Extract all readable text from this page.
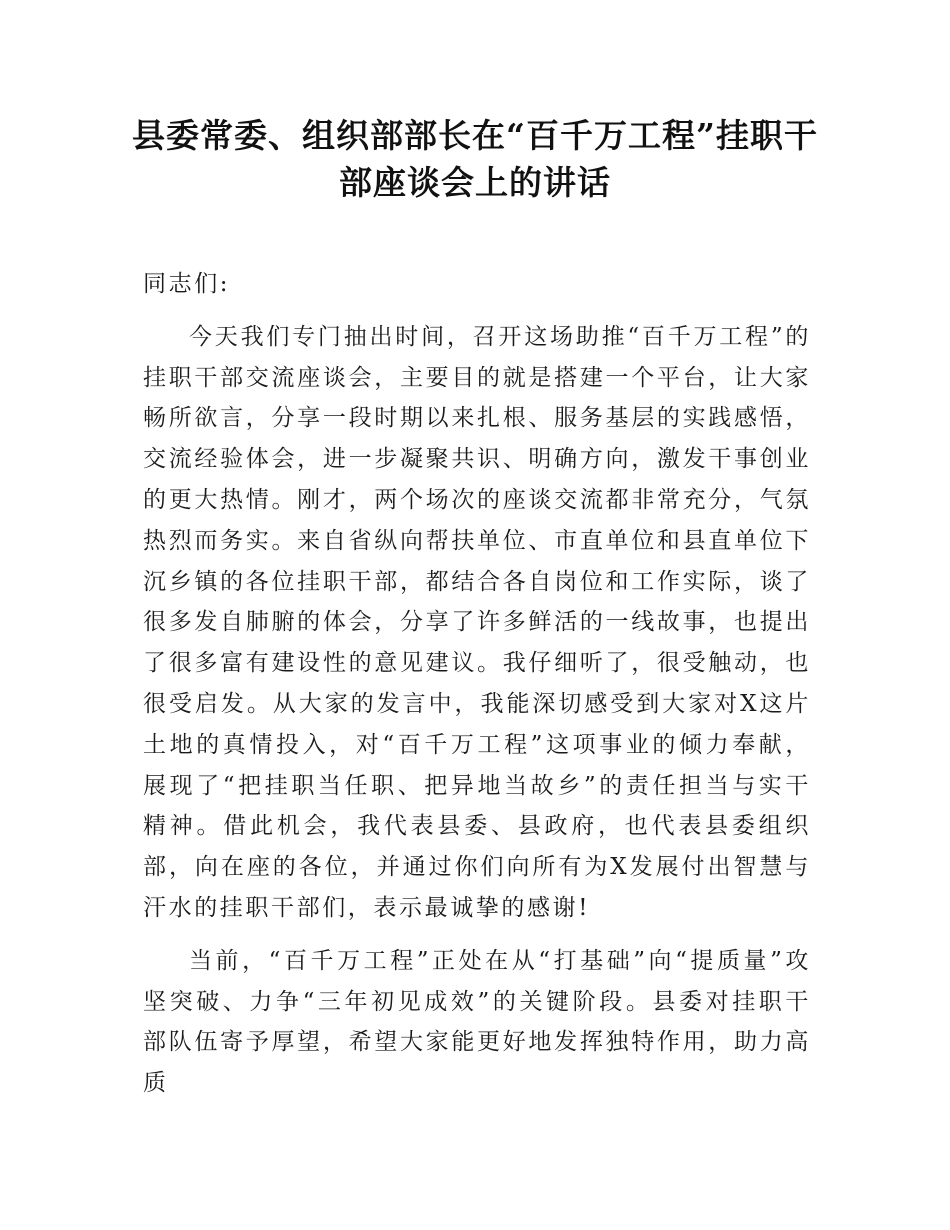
县委常委、组织部部长在“百千万工程”挂职干部座谈会上的讲话

同志们:

今天我们专门抽出时间，召开这场助推“百千万工程”的挂职干部交流座谈会，主要目的就是搭建一个平台，让大家畅所欲言，分享一段时期以来扎根、服务基层的实践感悟，交流经验体会，进一步凝聚共识、明确方向，激发干事创业的更大热情。刚才，两个场次的座谈交流都非常充分，气氛热烈而务实。来自省纵向帮扶单位、市直单位和县直单位下沉乡镇的各位挂职干部，都结合各自岗位和工作实际，谈了很多发自肺腑的体会，分享了许多鲜活的一线故事，也提出了很多富有建设性的意见建议。我仔细听了，很受触动，也很受启发。从大家的发言中，我能深切感受到大家对X这片土地的真情投入，对“百千万工程”这项事业的倾力奉献，展现了“把挂职当任职、把异地当故乡”的责任担当与实干精神。借此机会，我代表县委、县政府，也代表县委组织部，向在座的各位，并通过你们向所有为X发展付出智慧与汗水的挂职干部们，表示最诚挚的感谢!

当前，“百千万工程”正处在从“打基础”向“提质量”攻坚突破、力争“三年初见成效”的关键阶段。县委对挂职干部队伍寄予厚望，希望大家能更好地发挥独特作用，助力高质
